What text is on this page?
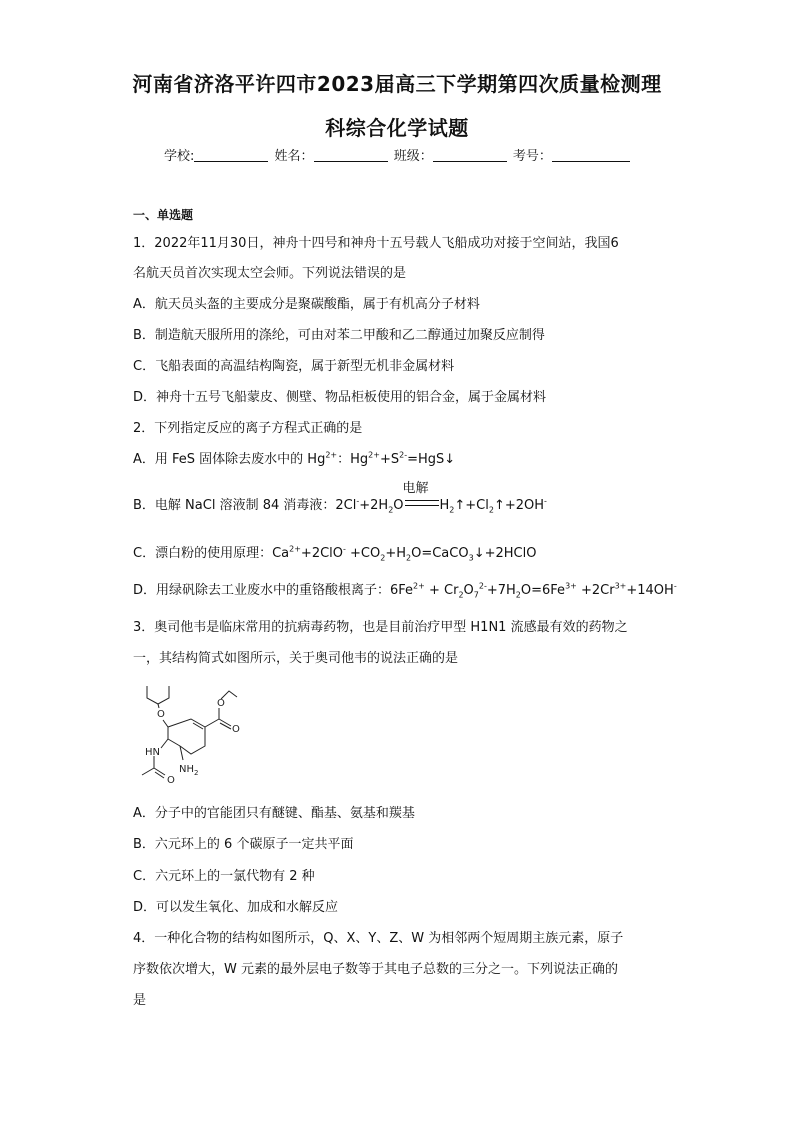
河南省济洛平许四市2023届高三下学期第四次质量检测理
科综合化学试题
学校:	姓名：	班级：	考号：
一、单选题
1．2022年11月30日，神舟十四号和神舟十五号载人飞船成功对接于空间站，我国6
名航天员首次实现太空会师。下列说法错误的是
A．航天员头盔的主要成分是聚碳酸酯，属于有机高分子材料
B．制造航天服所用的涤纶，可由对苯二甲酸和乙二醇通过加聚反应制得
C．飞船表面的高温结构陶瓷，属于新型无机非金属材料
D．神舟十五号飞船蒙皮、侧壁、物品柜板使用的铝合金，属于金属材料
2．下列指定反应的离子方程式正确的是
A．用 FeS 固体除去废水中的 $Hg^{2+}$：$Hg^{2+}+S^{2-}=HgS↓$
B．电解 NaCl 溶液制 84 消毒液：$2Cl^-+2H_2O$
电解
$H_2↑+Cl_2↑+2OH^-$
C．漂白粉的使用原理：$Ca^{2+}+2ClO^-$ $+CO_2+H_2O=CaCO_3↓+2HClO$
D．用绿矾除去工业废水中的重铬酸根离子：$6Fe^{2+} + Cr_2O_7^{2-}+7H_2O=6Fe^{3+} +2Cr^{3+}+14OH^-$
3．奥司他韦是临床常用的抗病毒药物，也是目前治疗甲型 H1N1 流感最有效的药物之
一，其结构简式如图所示，关于奥司他韦的说法正确的是
O
O
O
O
HN
$NH_2$
A．分子中的官能团只有醚键、酯基、氨基和羰基
B．六元环上的 6 个碳原子一定共平面
C．六元环上的一氯代物有 2 种
D．可以发生氧化、加成和水解反应
4．一种化合物的结构如图所示，Q、X、Y、Z、W 为相邻两个短周期主族元素，原子
序数依次增大，W 元素的最外层电子数等于其电子总数的三分之一。下列说法正确的
是
